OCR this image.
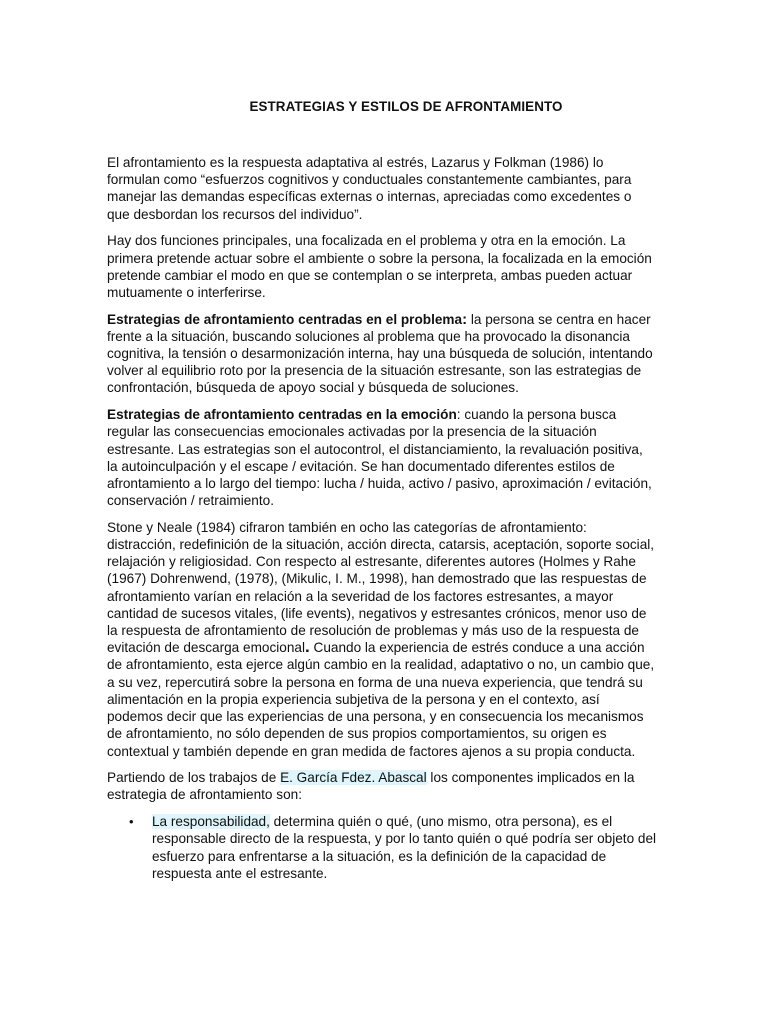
ESTRATEGIAS Y ESTILOS DE AFRONTAMIENTO

El afrontamiento es la respuesta adaptativa al estrés, Lazarus y Folkman (1986) lo formulan como “esfuerzos cognitivos y conductuales constantemente cambiantes, para manejar las demandas específicas externas o internas, apreciadas como excedentes o que desbordan los recursos del individuo”.

Hay dos funciones principales, una focalizada en el problema y otra en la emoción. La primera pretende actuar sobre el ambiente o sobre la persona, la focalizada en la emoción pretende cambiar el modo en que se contemplan o se interpreta, ambas pueden actuar mutuamente o interferirse.

Estrategias de afrontamiento centradas en el problema: la persona se centra en hacer frente a la situación, buscando soluciones al problema que ha provocado la disonancia cognitiva, la tensión o desarmonización interna, hay una búsqueda de solución, intentando volver al equilibrio roto por la presencia de la situación estresante, son las estrategias de confrontación, búsqueda de apoyo social y búsqueda de soluciones.

Estrategias de afrontamiento centradas en la emoción: cuando la persona busca regular las consecuencias emocionales activadas por la presencia de la situación estresante. Las estrategias son el autocontrol, el distanciamiento, la revaluación positiva, la autoinculpación y el escape / evitación. Se han documentado diferentes estilos de afrontamiento a lo largo del tiempo: lucha / huida, activo / pasivo, aproximación / evitación, conservación / retraimiento.

Stone y Neale (1984) cifraron también en ocho las categorías de afrontamiento: distracción, redefinición de la situación, acción directa, catarsis, aceptación, soporte social, relajación y religiosidad. Con respecto al estresante, diferentes autores (Holmes y Rahe (1967) Dohrenwend, (1978), (Mikulic, I. M., 1998), han demostrado que las respuestas de afrontamiento varían en relación a la severidad de los factores estresantes, a mayor cantidad de sucesos vitales, (life events), negativos y estresantes crónicos, menor uso de la respuesta de afrontamiento de resolución de problemas y más uso de la respuesta de evitación de descarga emocional. Cuando la experiencia de estrés conduce a una acción de afrontamiento, esta ejerce algún cambio en la realidad, adaptativo o no, un cambio que, a su vez, repercutirá sobre la persona en forma de una nueva experiencia, que tendrá su alimentación en la propia experiencia subjetiva de la persona y en el contexto, así podemos decir que las experiencias de una persona, y en consecuencia los mecanismos de afrontamiento, no sólo dependen de sus propios comportamientos, su origen es contextual y también depende en gran medida de factores ajenos a su propia conducta.

Partiendo de los trabajos de E. García Fdez. Abascal los componentes implicados en la estrategia de afrontamiento son:

• La responsabilidad, determina quién o qué, (uno mismo, otra persona), es el responsable directo de la respuesta, y por lo tanto quién o qué podría ser objeto del esfuerzo para enfrentarse a la situación, es la definición de la capacidad de respuesta ante el estresante.
